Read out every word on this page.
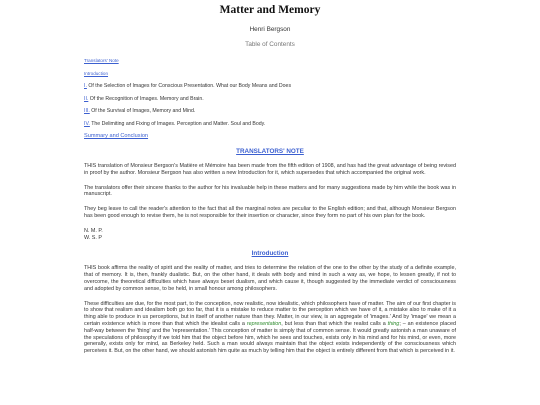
Matter and Memory
Henri Bergson
Table of Contents
Translators' Note
Introduction
I. Of the Selection of Images for Conscious Presentation. What our Body Means and Does
II. Of the Recognition of Images. Memory and Brain.
III. Of the Survival of Images, Memory and Mind.
IV. The Delimiting and Fixing of Images. Perception and Matter. Soul and Body.
Summary and Conclusion
TRANSLATORS' NOTE

THIS translation of Monsieur Bergson's Matière et Mémoire has been made from the fifth edition of 1908, and has had the great advantage of being revised in proof by the author. Monsieur Bergson has also written a new Introduction for it, which supersedes that which accompanied the original work.

The translators offer their sincere thanks to the author for his invaluable help in these matters and for many suggestions made by him while the book was in manuscript.

They beg leave to call the reader's attention to the fact that all the marginal notes are peculiar to the English edition; and that, although Monsieur Bergson has been good enough to revise them, he is not responsible for their insertion or character, since they form no part of his own plan for the book.

N. M. P.
W. S. P
Introduction

THIS book affirms the reality of spirit and the reality of matter, and tries to determine the relation of the one to the other by the study of a definite example, that of memory. It is, then, frankly dualistic. But, on the other hand, it deals with body and mind in such a way as, we hope, to lessen greatly, if not to overcome, the theoretical difficulties which have always beset dualism, and which cause it, though suggested by the immediate verdict of consciousness and adopted by common sense, to be held, in small honour among philosophers.

These difficulties are due, for the most part, to the conception, now realistic, now idealistic, which philosophers have of matter. The aim of our first chapter is to show that realism and idealism both go too far, that it is a mistake to reduce matter to the perception which we have of it, a mistake also to make of it a thing able to produce in us perceptions, but in itself of another nature than they. Matter, in our view, is an aggregate of 'images.' And by 'image' we mean a certain existence which is more than that which the idealist calls a representation, but less than that which the realist calls a thing; – an existence placed half-way between the 'thing' and the 'representation.' This conception of matter is simply that of common sense. It would greatly astonish a man unaware of the speculations of philosophy if we told him that the object before him, which he sees and touches, exists only in his mind and for his mind, or even, more generally, exists only for mind, as Berkeley held. Such a man would always maintain that the object exists independently of the consciousness which perceives it. But, on the other hand, we should astonish him quite as much by telling him that the object is entirely different from that which is perceived in it.
